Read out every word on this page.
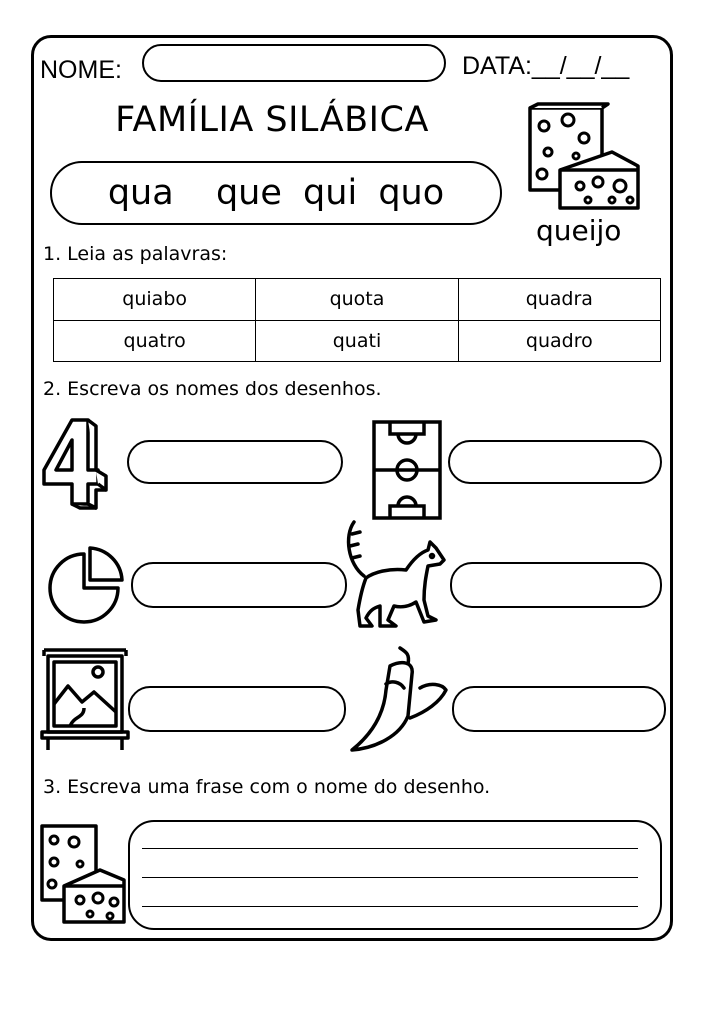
NOME:	DATA:__/__/__
FAMÍLIA SILÁBICA
qua
que
qui
quo
queijo
1. Leia as palavras:
quiabo	quota	quadra
quatro	quati	quadro
2. Escreva os nomes dos desenhos.
3. Escreva uma frase com o nome do desenho.
